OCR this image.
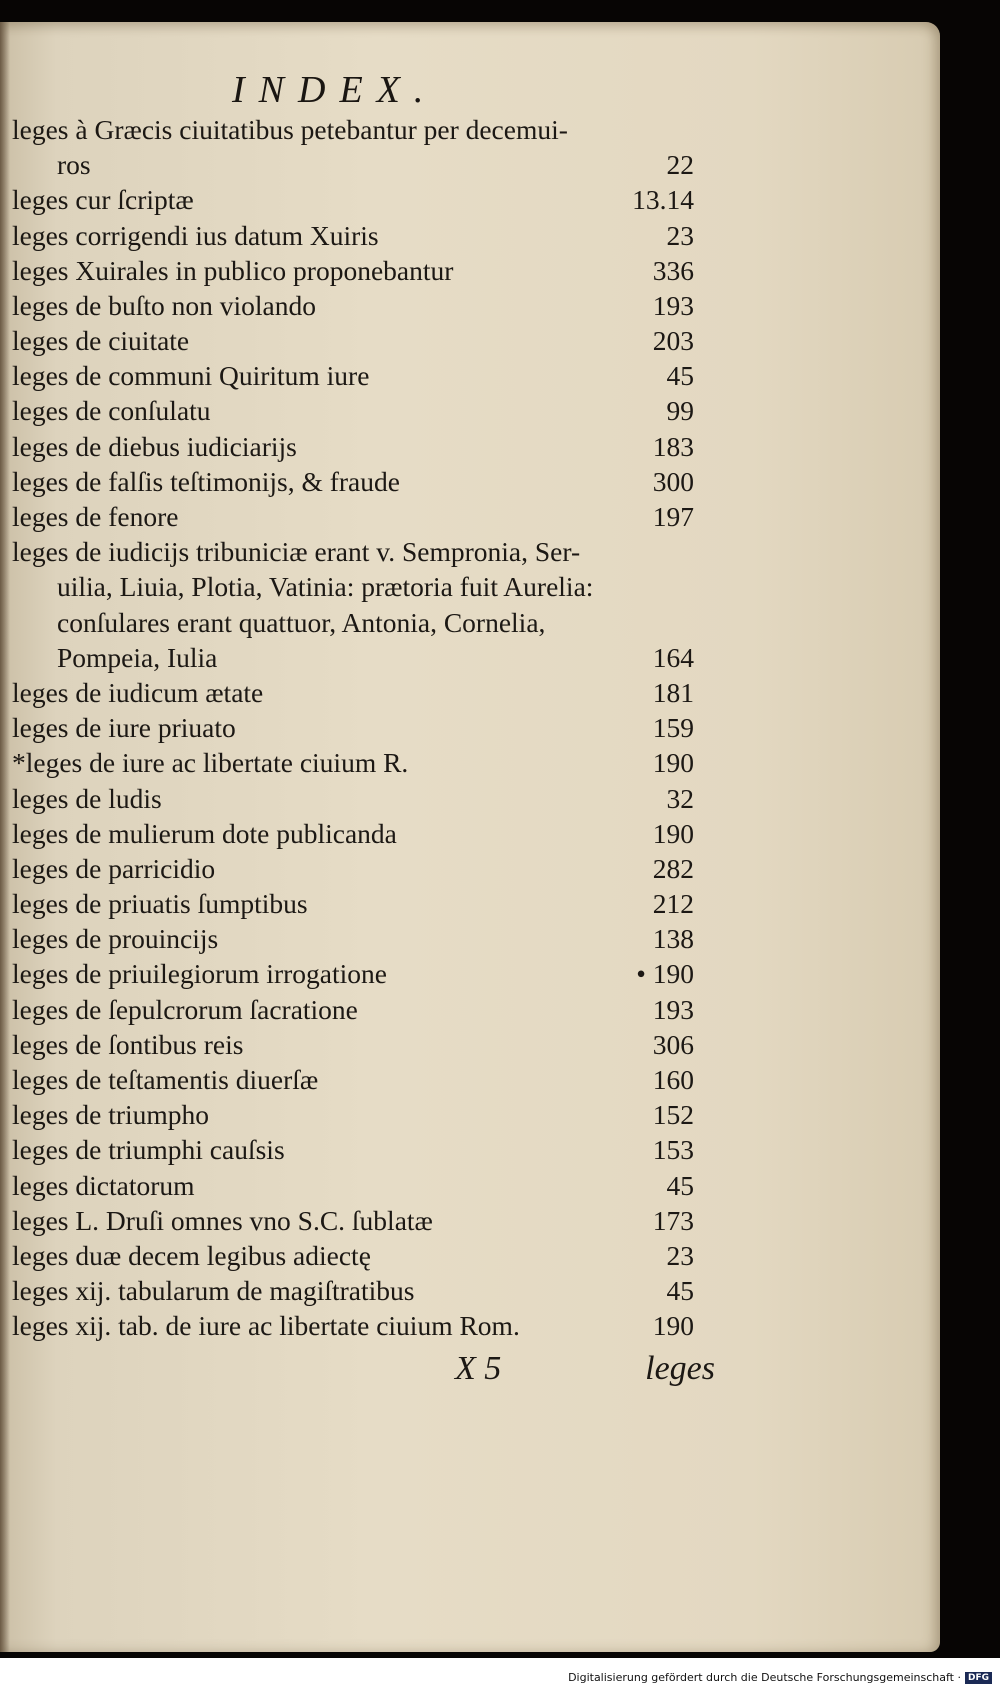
INDEX.
leges à Græcis ciuitatibus petebantur per decemui-
ros	22
leges cur ſcriptæ	13.14
leges corrigendi ius datum Xuiris	23
leges Xuirales in publico proponebantur	336
leges de buſto non violando	193
leges de ciuitate	203
leges de communi Quiritum iure	45
leges de conſulatu	99
leges de diebus iudiciarijs	183
leges de falſis teſtimonijs, & fraude	300
leges de fenore	197
leges de iudicijs tribuniciæ erant v. Sempronia, Ser-
uilia, Liuia, Plotia, Vatinia: prætoria fuit Aurelia:
conſulares erant quattuor, Antonia, Cornelia,
Pompeia, Iulia	164
leges de iudicum ætate	181
leges de iure priuato	159
*leges de iure ac libertate ciuium R.	190
leges de ludis	32
leges de mulierum dote publicanda	190
leges de parricidio	282
leges de priuatis ſumptibus	212
leges de prouincijs	138
leges de priuilegiorum irrogatione	• 190
leges de ſepulcrorum ſacratione	193
leges de ſontibus reis	306
leges de teſtamentis diuerſæ	160
leges de triumpho	152
leges de triumphi cauſsis	153
leges dictatorum	45
leges L. Druſi omnes vno S.C. ſublatæ	173
leges duæ decem legibus adiectę	23
leges xij. tabularum de magiſtratibus	45
leges xij. tab. de iure ac libertate ciuium Rom.	190
X 5	leges
Digitalisierung gefördert durch die Deutsche Forschungsgemeinschaft · DFG
